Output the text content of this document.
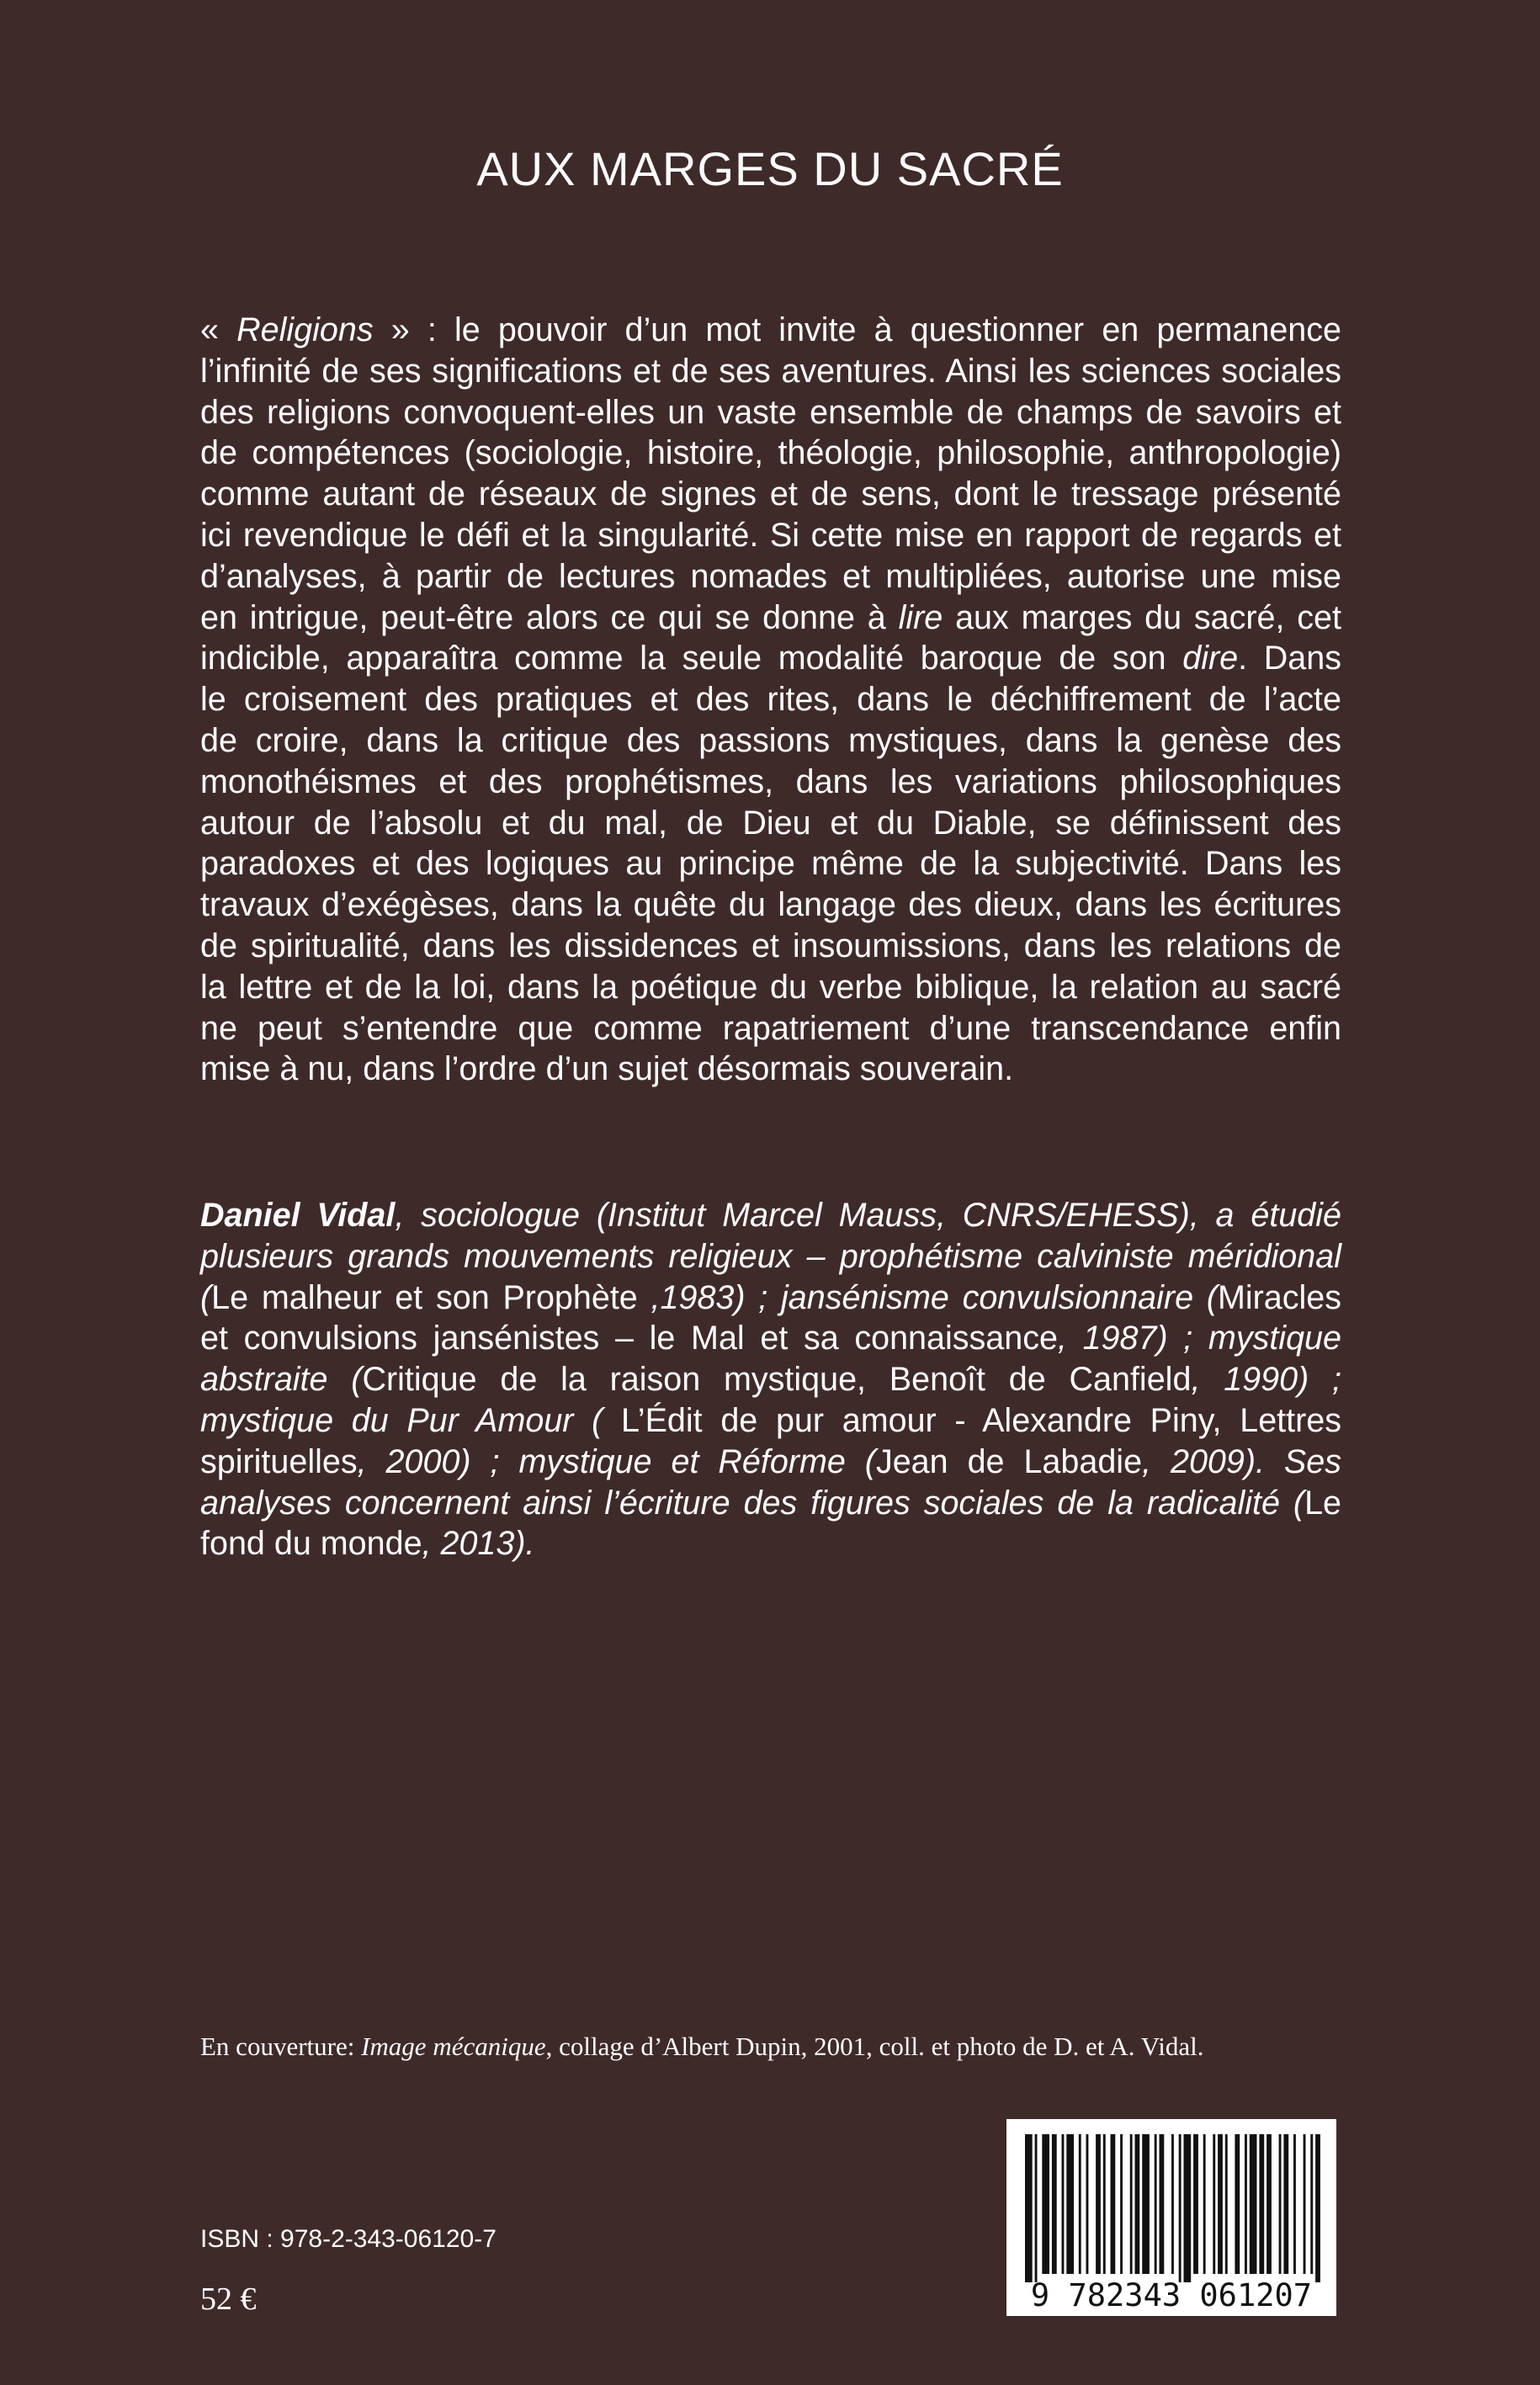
AUX MARGES DU SACRÉ
« Religions » : le pouvoir d’un mot invite à questionner en permanence
l’infinité de ses significations et de ses aventures. Ainsi les sciences sociales
des religions convoquent-elles un vaste ensemble de champs de savoirs et
de compétences (sociologie, histoire, théologie, philosophie, anthropologie)
comme autant de réseaux de signes et de sens, dont le tressage présenté
ici revendique le défi et la singularité. Si cette mise en rapport de regards et
d’analyses, à partir de lectures nomades et multipliées, autorise une mise
en intrigue, peut-être alors ce qui se donne à lire aux marges du sacré, cet
indicible, apparaîtra comme la seule modalité baroque de son dire. Dans
le croisement des pratiques et des rites, dans le déchiffrement de l’acte
de croire, dans la critique des passions mystiques, dans la genèse des
monothéismes et des prophétismes, dans les variations philosophiques
autour de l’absolu et du mal, de Dieu et du Diable, se définissent des
paradoxes et des logiques au principe même de la subjectivité. Dans les
travaux d’exégèses, dans la quête du langage des dieux, dans les écritures
de spiritualité, dans les dissidences et insoumissions, dans les relations de
la lettre et de la loi, dans la poétique du verbe biblique, la relation au sacré
ne peut s’entendre que comme rapatriement d’une transcendance enfin
mise à nu, dans l’ordre d’un sujet désormais souverain.
Daniel Vidal, sociologue (Institut Marcel Mauss, CNRS/EHESS), a étudié
plusieurs grands mouvements religieux – prophétisme calviniste méridional
(Le malheur et son Prophète ,1983) ; jansénisme convulsionnaire (Miracles
et convulsions jansénistes – le Mal et sa connaissance, 1987) ; mystique
abstraite (Critique de la raison mystique, Benoît de Canfield, 1990) ;
mystique du Pur Amour ( L’Édit de pur amour - Alexandre Piny, Lettres
spirituelles, 2000) ; mystique et Réforme (Jean de Labadie, 2009). Ses
analyses concernent ainsi l’écriture des figures sociales de la radicalité (Le
fond du monde, 2013).
En couverture: Image mécanique, collage d’Albert Dupin, 2001, coll. et photo de D. et A. Vidal.
9 782343 061207
ISBN : 978-2-343-06120-7
52 €
